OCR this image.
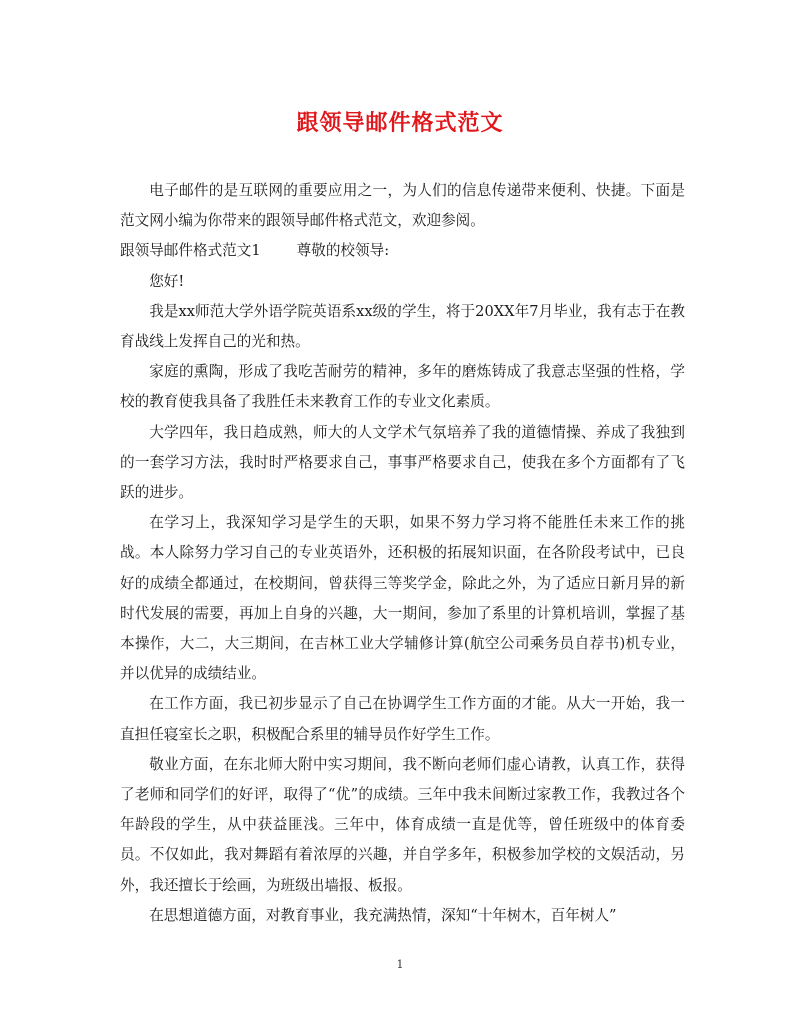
跟领导邮件格式范文

电子邮件的是互联网的重要应用之一，为人们的信息传递带来便利、快捷。下面是范文网小编为你带来的跟领导邮件格式范文，欢迎参阅。

跟领导邮件格式范文1 尊敬的校领导:

您好!

我是xx师范大学外语学院英语系xx级的学生，将于20XX年7月毕业，我有志于在教育战线上发挥自己的光和热。

家庭的熏陶，形成了我吃苦耐劳的精神，多年的磨炼铸成了我意志坚强的性格，学校的教育使我具备了我胜任未来教育工作的专业文化素质。

大学四年，我日趋成熟，师大的人文学术气氛培养了我的道德情操、养成了我独到的一套学习方法，我时时严格要求自己，事事严格要求自己，使我在多个方面都有了飞跃的进步。

在学习上，我深知学习是学生的天职，如果不努力学习将不能胜任未来工作的挑战。本人除努力学习自己的专业英语外，还积极的拓展知识面，在各阶段考试中，已良好的成绩全都通过，在校期间，曾获得三等奖学金，除此之外，为了适应日新月异的新时代发展的需要，再加上自身的兴趣，大一期间，参加了系里的计算机培训，掌握了基本操作，大二，大三期间，在吉林工业大学辅修计算(航空公司乘务员自荐书)机专业，并以优异的成绩结业。

在工作方面，我已初步显示了自己在协调学生工作方面的才能。从大一开始，我一直担任寝室长之职，积极配合系里的辅导员作好学生工作。

敬业方面，在东北师大附中实习期间，我不断向老师们虚心请教，认真工作，获得了老师和同学们的好评，取得了“优”的成绩。三年中我未间断过家教工作，我教过各个年龄段的学生，从中获益匪浅。三年中，体育成绩一直是优等，曾任班级中的体育委员。不仅如此，我对舞蹈有着浓厚的兴趣，并自学多年，积极参加学校的文娱活动，另外，我还擅长于绘画，为班级出墙报、板报。

在思想道德方面，对教育事业，我充满热情，深知“十年树木，百年树人”

1
